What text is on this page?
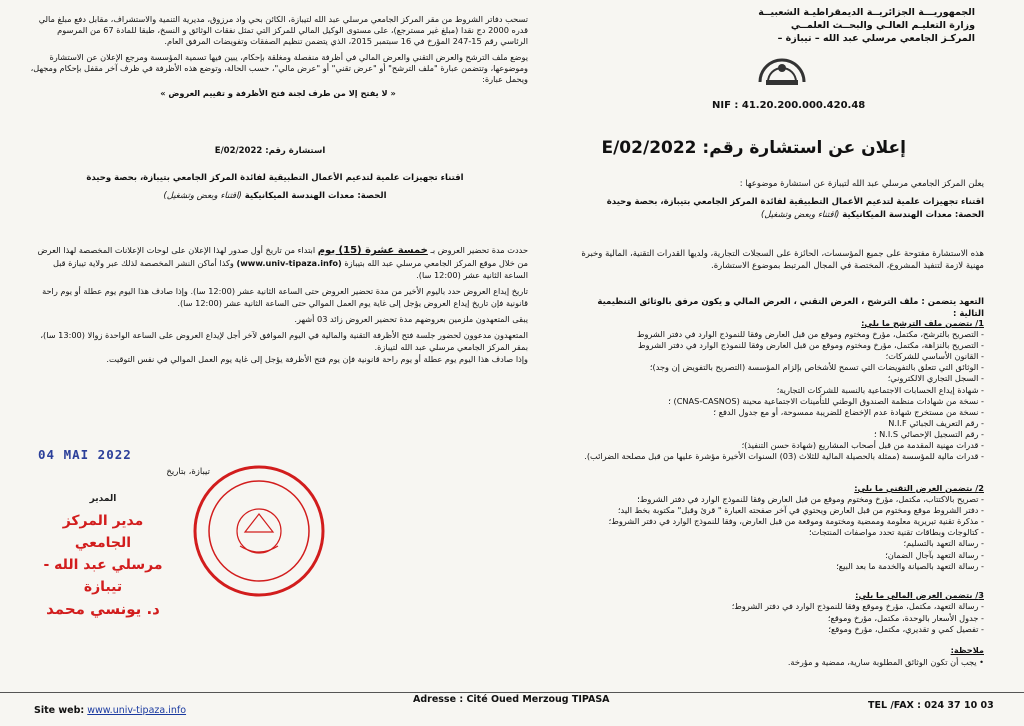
الجمهوريـــة الجزائريــة الديمقراطيـة الشعبيــة
وزارة التعليـم العالـي والبحــث العلمــي
المركـز الجامعي مرسلي عبد الله – تيبازة –
NIF : 41.20.200.000.420.48
إعلان عن استشارة رقم: 2022/E/02
يعلن المركز الجامعي مرسلي عبد الله لتيبازة عن استشارة موضوعها :
اقتناء تجهيزات علمية لتدعيم الأعمال التطبيقية لفائدة المركز الجامعي بتيبازة، بحصة وحيدة
الحصة: معدات الهندسة الميكانيكية (اقتناء وبعض وتشغيل)
هذه الاستشارة مفتوحة على جميع المؤسسات، الحائزة على السجلات التجارية، ولديها القدرات التقنية، المالية وخبرة مهنية لازمة لتنفيذ المشروع، المختصة في المجال المرتبط بموضوع الاستشارة.
التعهد يتضمن : ملف الترشح ، العرض التقني ، العرض المالي و يكون مرفق بالوثائق التنظيمية التالية :
1/ يتضمن ملف الترشح ما يلي:
- التصريح بالترشح، مكتمل، مؤرخ ومختوم وموقع من قبل العارض وفقا للنموذج الوارد في دفتر الشروط
- التصريح بالنزاهة، مكتمل، مؤرخ ومختوم وموقع من قبل العارض وفقا للنموذج الوارد في دفتر الشروط
- القانون الأساسي للشركات؛
- الوثائق التي تتعلق بالتفويضات التي تسمح للأشخاص بإلزام المؤسسة (التصريح بالتفويض إن وجد)؛
- السجل التجاري الالكتروني؛
- شهادة إيداع الحسابات الاجتماعية بالنسبة للشركات التجارية؛
- نسخة من شهادات منظمة الصندوق الوطني للتأمينات الاجتماعية محينة (CNAS-CASNOS) ؛
- نسخة من مستخرج شهادة عدم الإخضاع للضريبة ممسوحة، أو مع جدول الدفع ؛
- رقم التعريف الجبائي N.I.F
- رقم التسجيل الإحصائي N.I.S ؛
- قدرات مهنية المقدمة من قبل أصحاب المشاريع (شهادة حسن التنفيذ)؛
- قدرات مالية للمؤسسة (ممثلة بالحصيلة المالية للثلاث (03) السنوات الأخيرة مؤشرة عليها من قبل مصلحة الضرائب).
2/ يتضمن العرض التقني ما يلي:
- تصريح بالاكتتاب، مكتمل، مؤرخ ومختوم وموقع من قبل العارض وفقا للنموذج الوارد في دفتر الشروط؛
- دفتر الشروط موقع ومختوم من قبل العارض ويحتوي في آخر صفحته العبارة " قرئ وقبل" مكتوبة بخط اليد؛
- مذكرة تقنية تبريرية معلومة وممضية ومختومة وموقعة من قبل العارض، وفقا للنموذج الوارد في دفتر الشروط؛
- كتالوجات وبطاقات تقنية تحدد مواصفات المنتجات؛
- رسالة التعهد بالتسليم؛
- رسالة التعهد بآجال الضمان؛
- رسالة التعهد بالصيانة والخدمة ما بعد البيع؛
3/ يتضمن العرض المالي ما يلي:
- رسالة التعهد، مكتمل، مؤرخ وموقع وفقا للنموذج الوارد في دفتر الشروط؛
- جدول الأسعار بالوحدة، مكتمل، مؤرخ وموقع؛
- تفصيل كمي و تقديري، مكتمل، مؤرخ وموقع؛
ملاحظة:
• يجب أن تكون الوثائق المطلوبة سارية، ممضية و مؤرخة.
تسحب دفاتر الشروط من مقر المركز الجامعي مرسلي عبد الله لتيبازة، الكائن بحي واد مرزوق، مديرية التنمية والاستشراف، مقابل دفع مبلغ مالي قدره 2000 دج نقدا (مبلغ غير مسترجع)، على مستوى الوكيل المالي للمركز التي تمثل نفقات الوثائق و النسخ، طبقا للمادة 67 من المرسوم الرئاسي رقم 15-247 المؤرخ في 16 سبتمبر 2015، الذي يتضمن تنظيم الصفقات وتفويضات المرفق العام.
يوضع ملف الترشح والعرض التقني والعرض المالي في أظرفة منفصلة ومغلقة بإحكام، يبين فيها تسمية المؤسسة ومرجع الإعلان عن الاستشارة وموضوعها، وتتضمن عبارة "ملف الترشح" أو "عرض تقني" أو "عرض مالي"، حسب الحالة، وتوضع هذه الأظرفة في ظرف آخر مقفل بإحكام ومجهل، ويحمل عبارة:
« لا يفتح إلا من طرف لجنة فتح الأظرفة و تقييم العروض »
استشارة رقم: 2022/E/02
اقتناء تجهيزات علمية لتدعيم الأعمال التطبيقية لفائدة المركز الجامعي بتيبازة، بحصة وحيدة
الحصة: معدات الهندسة الميكانيكية (اقتناء وبعض وتشغيل)
حددت مدة تحضير العروض بـ خمسة عشرة (15) يوم ابتداء من تاريخ أول صدور لهذا الإعلان على لوحات الإعلانات المخصصة لهذا العرض من خلال موقع المركز الجامعي مرسلي عبد الله بتيبازة (www.univ-tipaza.info) وكذا أماكن النشر المخصصة لذلك عبر ولاية تيبازة قبل الساعة الثانية عشر (12:00 سا).
تاريخ إيداع العروض حدد باليوم الأخير من مدة تحضير العروض حتى الساعة الثانية عشر (12:00 سا). وإذا صادف هذا اليوم يوم عطلة أو يوم راحة قانونية فإن تاريخ إيداع العروض يؤجل إلى غاية يوم العمل الموالي حتى الساعة الثانية عشر (12:00 سا).
يبقى المتعهدون ملزمين بعروضهم مدة تحضير العروض زائد 03 أشهر.
المتعهدون مدعوون لحضور جلسة فتح الأظرفة التقنية والمالية في اليوم الموافق لآخر أجل لإيداع العروض على الساعة الواحدة زوالا (13:00 سا)، بمقر المركز الجامعي مرسلي عبد الله لتيبازة.
وإذا صادف هذا اليوم يوم عطلة أو يوم راحة قانونية فإن يوم فتح الأظرفة يؤجل إلى غاية يوم العمل الموالي في نفس التوقيت.
04 MAI 2022
تيبازة، بتاريخ
المدير
مدير المركز الجامعي
مرسلي عبد الله - تيبازة
د. يونسي محمد
Site web: www.univ-tipaza.info
Adresse : Cité Oued Merzoug TIPASA
TEL /FAX : 024 37 10 03
